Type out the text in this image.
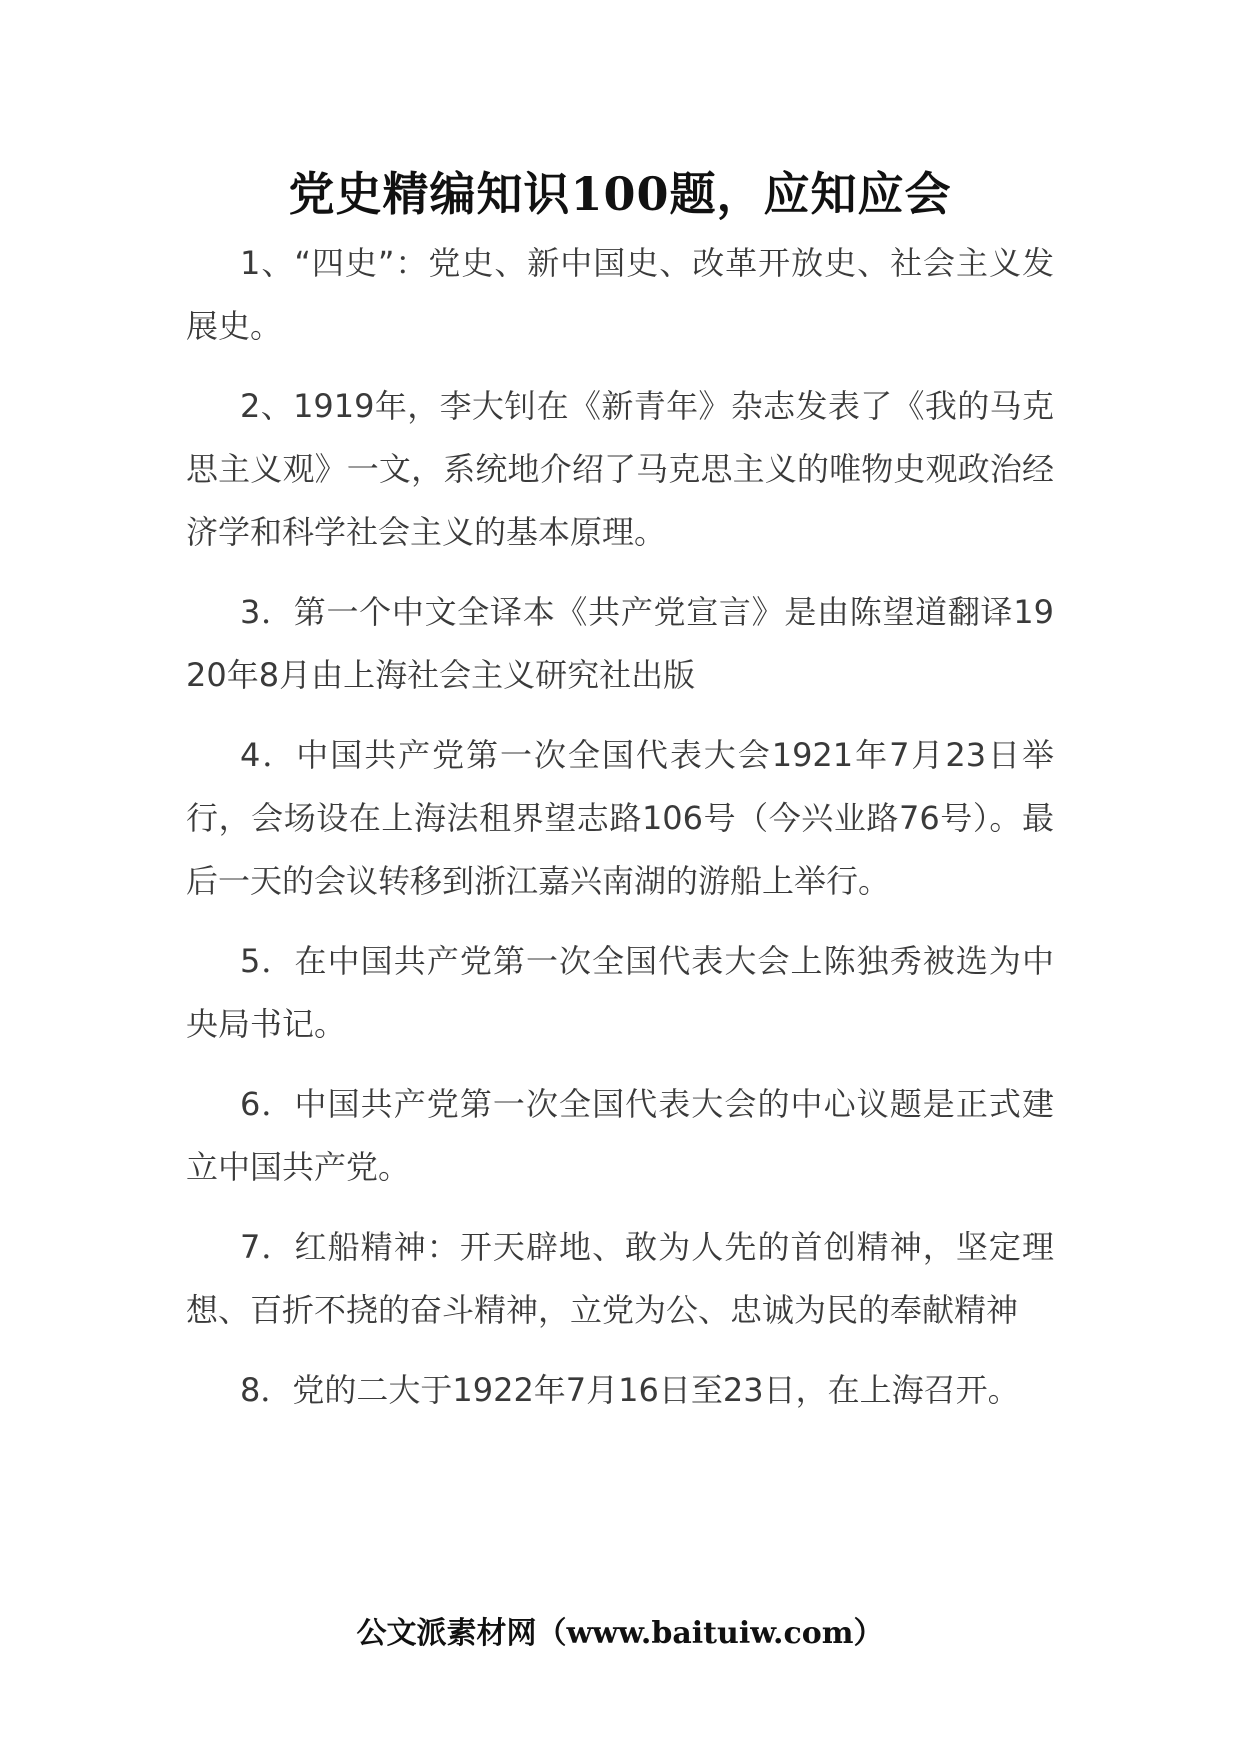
党史精编知识100题，应知应会

1、“四史”：党史、新中国史、改革开放史、社会主义发展史。

2、1919年，李大钊在《新青年》杂志发表了《我的马克思主义观》一文，系统地介绍了马克思主义的唯物史观政治经济学和科学社会主义的基本原理。

3．第一个中文全译本《共产党宣言》是由陈望道翻译1920年8月由上海社会主义研究社出版

4．中国共产党第一次全国代表大会1921年7月23日举行，会场设在上海法租界望志路106号（今兴业路76号）。最后一天的会议转移到浙江嘉兴南湖的游船上举行。

5．在中国共产党第一次全国代表大会上陈独秀被选为中央局书记。

6．中国共产党第一次全国代表大会的中心议题是正式建立中国共产党。

7．红船精神：开天辟地、敢为人先的首创精神，坚定理想、百折不挠的奋斗精神，立党为公、忠诚为民的奉献精神

8．党的二大于1922年7月16日至23日，在上海召开。

公文派素材网（www.baituiw.com）
